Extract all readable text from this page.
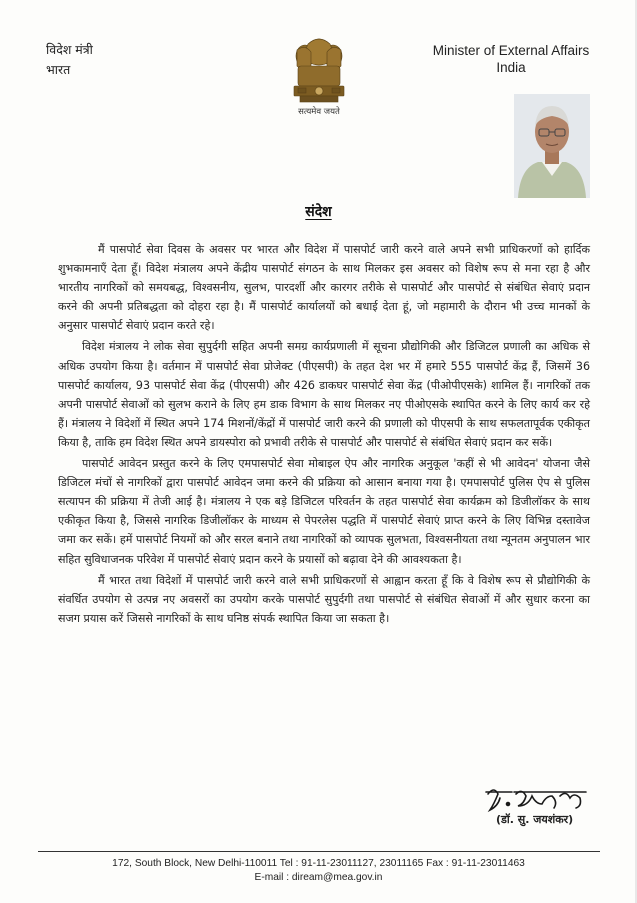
विदेश मंत्री
भारत
सत्यमेव जयते
Minister of External Affairs
India
संदेश

मैं पासपोर्ट सेवा दिवस के अवसर पर भारत और विदेश में पासपोर्ट जारी करने वाले अपने सभी प्राधिकरणों को हार्दिक शुभकामनाएँ देता हूँ। विदेश मंत्रालय अपने केंद्रीय पासपोर्ट संगठन के साथ मिलकर इस अवसर को विशेष रूप से मना रहा है और भारतीय नागरिकों को समयबद्ध, विश्वसनीय, सुलभ, पारदर्शी और कारगर तरीके से पासपोर्ट और पासपोर्ट से संबंधित सेवाएं प्रदान करने की अपनी प्रतिबद्धता को दोहरा रहा है। मैं पासपोर्ट कार्यालयों को बधाई देता हूं, जो महामारी के दौरान भी उच्च मानकों के अनुसार पासपोर्ट सेवाएं प्रदान करते रहे।

विदेश मंत्रालय ने लोक सेवा सुपुर्दगी सहित अपनी समग्र कार्यप्रणाली में सूचना प्रौद्योगिकी और डिजिटल प्रणाली का अधिक से अधिक उपयोग किया है। वर्तमान में पासपोर्ट सेवा प्रोजेक्ट (पीएसपी) के तहत देश भर में हमारे 555 पासपोर्ट केंद्र हैं, जिसमें 36 पासपोर्ट कार्यालय, 93 पासपोर्ट सेवा केंद्र (पीएसपी) और 426 डाकघर पासपोर्ट सेवा केंद्र (पीओपीएसके) शामिल हैं। नागरिकों तक अपनी पासपोर्ट सेवाओं को सुलभ कराने के लिए हम डाक विभाग के साथ मिलकर नए पीओएसके स्थापित करने के लिए कार्य कर रहे हैं। मंत्रालय ने विदेशों में स्थित अपने 174 मिशनों/केंद्रों में पासपोर्ट जारी करने की प्रणाली को पीएसपी के साथ सफलतापूर्वक एकीकृत किया है, ताकि हम विदेश स्थित अपने डायस्पोरा को प्रभावी तरीके से पासपोर्ट और पासपोर्ट से संबंधित सेवाएं प्रदान कर सकें।

पासपोर्ट आवेदन प्रस्तुत करने के लिए एमपासपोर्ट सेवा मोबाइल ऐप और नागरिक अनुकूल 'कहीं से भी आवेदन' योजना जैसे डिजिटल मंचों से नागरिकों द्वारा पासपोर्ट आवेदन जमा करने की प्रक्रिया को आसान बनाया गया है। एमपासपोर्ट पुलिस ऐप से पुलिस सत्यापन की प्रक्रिया में तेजी आई है। मंत्रालय ने एक बड़े डिजिटल परिवर्तन के तहत पासपोर्ट सेवा कार्यक्रम को डिजीलॉकर के साथ एकीकृत किया है, जिससे नागरिक डिजीलॉकर के माध्यम से पेपरलेस पद्धति में पासपोर्ट सेवाएं प्राप्त करने के लिए विभिन्न दस्तावेज जमा कर सकें। हमें पासपोर्ट नियमों को और सरल बनाने तथा नागरिकों को व्यापक सुलभता, विश्वसनीयता तथा न्यूनतम अनुपालन भार सहित सुविधाजनक परिवेश में पासपोर्ट सेवाएं प्रदान करने के प्रयासों को बढ़ावा देने की आवश्यकता है।

मैं भारत तथा विदेशों में पासपोर्ट जारी करने वाले सभी प्राधिकरणों से आह्वान करता हूँ कि वे विशेष रूप से प्रौद्योगिकी के संवर्धित उपयोग से उत्पन्न नए अवसरों का उपयोग करके पासपोर्ट सुपुर्दगी तथा पासपोर्ट से संबंधित सेवाओं में और सुधार करना का सजग प्रयास करें जिससे नागरिकों के साथ घनिष्ठ संपर्क स्थापित किया जा सकता है।

(डॉ. सु. जयशंकर)
172, South Block, New Delhi-110011 Tel : 91-11-23011127, 23011165 Fax : 91-11-23011463
E-mail : diream@mea.gov.in
